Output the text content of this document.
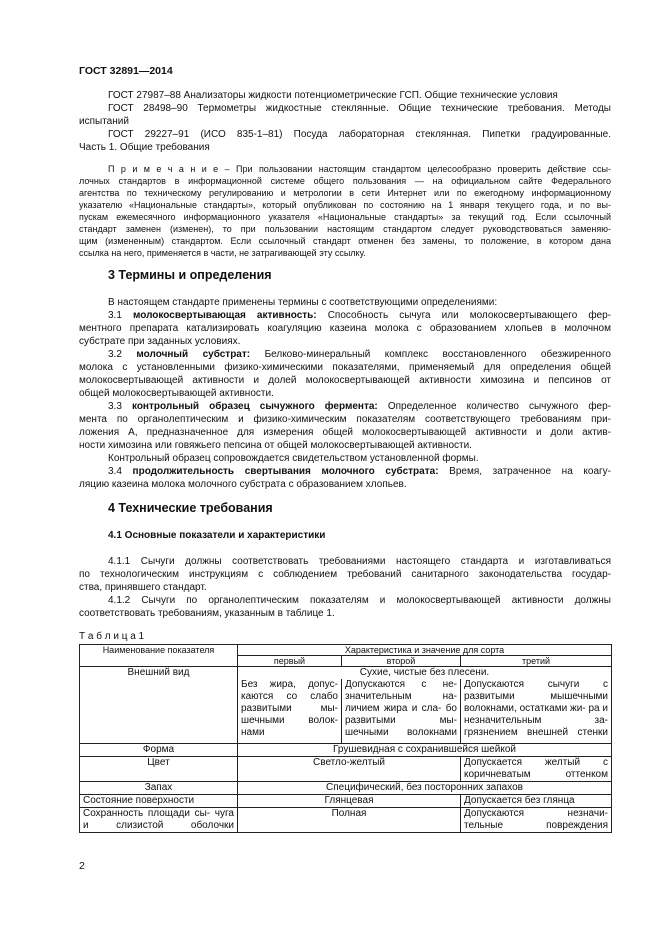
ГОСТ 32891—2014
ГОСТ 27987–88 Анализаторы жидкости потенциометрические ГСП. Общие технические условия
ГОСТ 28498–90 Термометры жидкостные стеклянные. Общие технические требования. Методы
испытаний
ГОСТ 29227–91 (ИСО 835-1–81) Посуда лабораторная стеклянная. Пипетки градуированные.
Часть 1. Общие требования
П р и м е ч а н и е – При пользовании настоящим стандартом целесообразно проверить действие ссы-
лочных стандартов в информационной системе общего пользования — на официальном сайте Федерального
агентства по техническому регулированию и метрологии в сети Интернет или по ежегодному информационному
указателю «Национальные стандарты», который опубликован по состоянию на 1 января текущего года, и по вы-
пускам ежемесячного информационного указателя «Национальные стандарты» за текущий год. Если ссылочный
стандарт заменен (изменен), то при пользовании настоящим стандартом следует руководствоваться заменяю-
щим (измененным) стандартом. Если ссылочный стандарт отменен без замены, то положение, в котором дана
ссылка на него, применяется в части, не затрагивающей эту ссылку.
3 Термины и определения
В настоящем стандарте применены термины с соответствующими определениями:
3.1 молокосвертывающая активность: Способность сычуга или молокосвертывающего фер-
ментного препарата катализировать коагуляцию казеина молока с образованием хлопьев в молочном
субстрате при заданных условиях.
3.2 молочный субстрат: Белково-минеральный комплекс восстановленного обезжиренного
молока с установленными физико-химическими показателями, применяемый для определения общей
молокосвертывающей активности и долей молокосвертывающей активности химозина и пепсинов от
общей молокосвертывающей активности.
3.3 контрольный образец сычужного фермента: Определенное количество сычужного фер-
мента по органолептическим и физико-химическим показателям соответствующего требованиям при-
ложения А, предназначенное для измерения общей молокосвертывающей активности и доли актив-
ности химозина или говяжьего пепсина от общей молокосвертывающей активности.
Контрольный образец сопровождается свидетельством установленной формы.
3.4 продолжительность свертывания молочного субстрата: Время, затраченное на коагу-
ляцию казеина молока молочного субстрата с образованием хлопьев.
4 Технические требования
4.1 Основные показатели и характеристики
4.1.1 Сычуги должны соответствовать требованиями настоящего стандарта и изготавливаться
по технологическим инструкциям с соблюдением требований санитарного законодательства государ-
ства, принявшего стандарт.
4.1.2 Сычуги по органолептическим показателям и молокосвертывающей активности должны
соответствовать требованиям, указанным в таблице 1.
Т а б л и ц а 1
Наименование показателя	Характеристика и значение для сорта		
	первый	второй	третий
Внешний вид	Сухие, чистые без плесени.		
	Без жира, допус- каются со слабо развитыми мы- шечными волок- нами	Допускаются с не- значительным на- личием жира и сла- бо развитыми мы- шечными волокнами	Допускаются сычуги с развитыми мышечными волокнами, остатками жи- ра и незначительным за- грязнением внешней стенки
Форма	Грушевидная с сохранившейся шейкой		
Цвет	Светло-желтый		Допускается желтый с коричневатым оттенком
Запах	Специфический, без посторонних запахов		
Состояние поверхности	Глянцевая		Допускается без глянца
Сохранность площади сы- чуга и слизистой оболочки	Полная		Допускаются незначи- тельные повреждения
2
